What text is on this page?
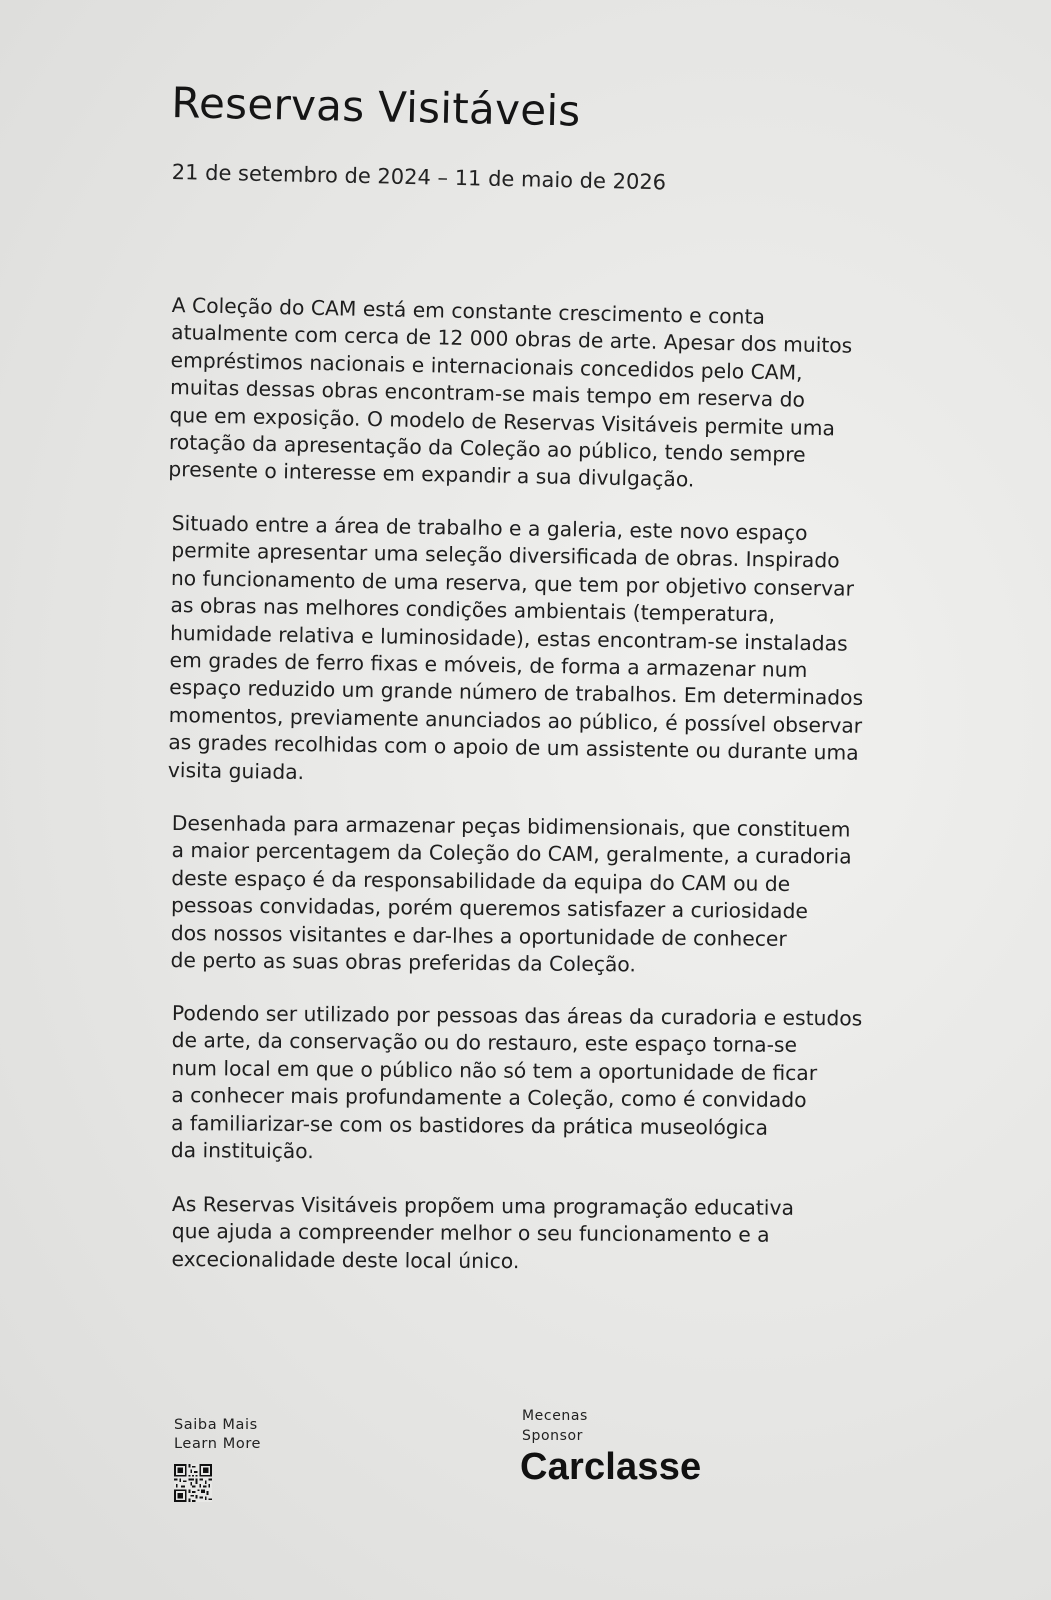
Reservas Visitáveis
21 de setembro de 2024 – 11 de maio de 2026

A Coleção do CAM está em constante crescimento e conta
atualmente com cerca de 12 000 obras de arte. Apesar dos muitos
empréstimos nacionais e internacionais concedidos pelo CAM,
muitas dessas obras encontram-se mais tempo em reserva do
que em exposição. O modelo de Reservas Visitáveis permite uma
rotação da apresentação da Coleção ao público, tendo sempre
presente o interesse em expandir a sua divulgação.

Situado entre a área de trabalho e a galeria, este novo espaço
permite apresentar uma seleção diversificada de obras. Inspirado
no funcionamento de uma reserva, que tem por objetivo conservar
as obras nas melhores condições ambientais (temperatura,
humidade relativa e luminosidade), estas encontram-se instaladas
em grades de ferro fixas e móveis, de forma a armazenar num
espaço reduzido um grande número de trabalhos. Em determinados
momentos, previamente anunciados ao público, é possível observar
as grades recolhidas com o apoio de um assistente ou durante uma
visita guiada.

Desenhada para armazenar peças bidimensionais, que constituem
a maior percentagem da Coleção do CAM, geralmente, a curadoria
deste espaço é da responsabilidade da equipa do CAM ou de
pessoas convidadas, porém queremos satisfazer a curiosidade
dos nossos visitantes e dar-lhes a oportunidade de conhecer
de perto as suas obras preferidas da Coleção.

Podendo ser utilizado por pessoas das áreas da curadoria e estudos
de arte, da conservação ou do restauro, este espaço torna-se
num local em que o público não só tem a oportunidade de ficar
a conhecer mais profundamente a Coleção, como é convidado
a familiarizar-se com os bastidores da prática museológica
da instituição.

As Reservas Visitáveis propõem uma programação educativa
que ajuda a compreender melhor o seu funcionamento e a
excecionalidade deste local único.

Saiba Mais
Learn More
Mecenas
Sponsor
Carclasse
